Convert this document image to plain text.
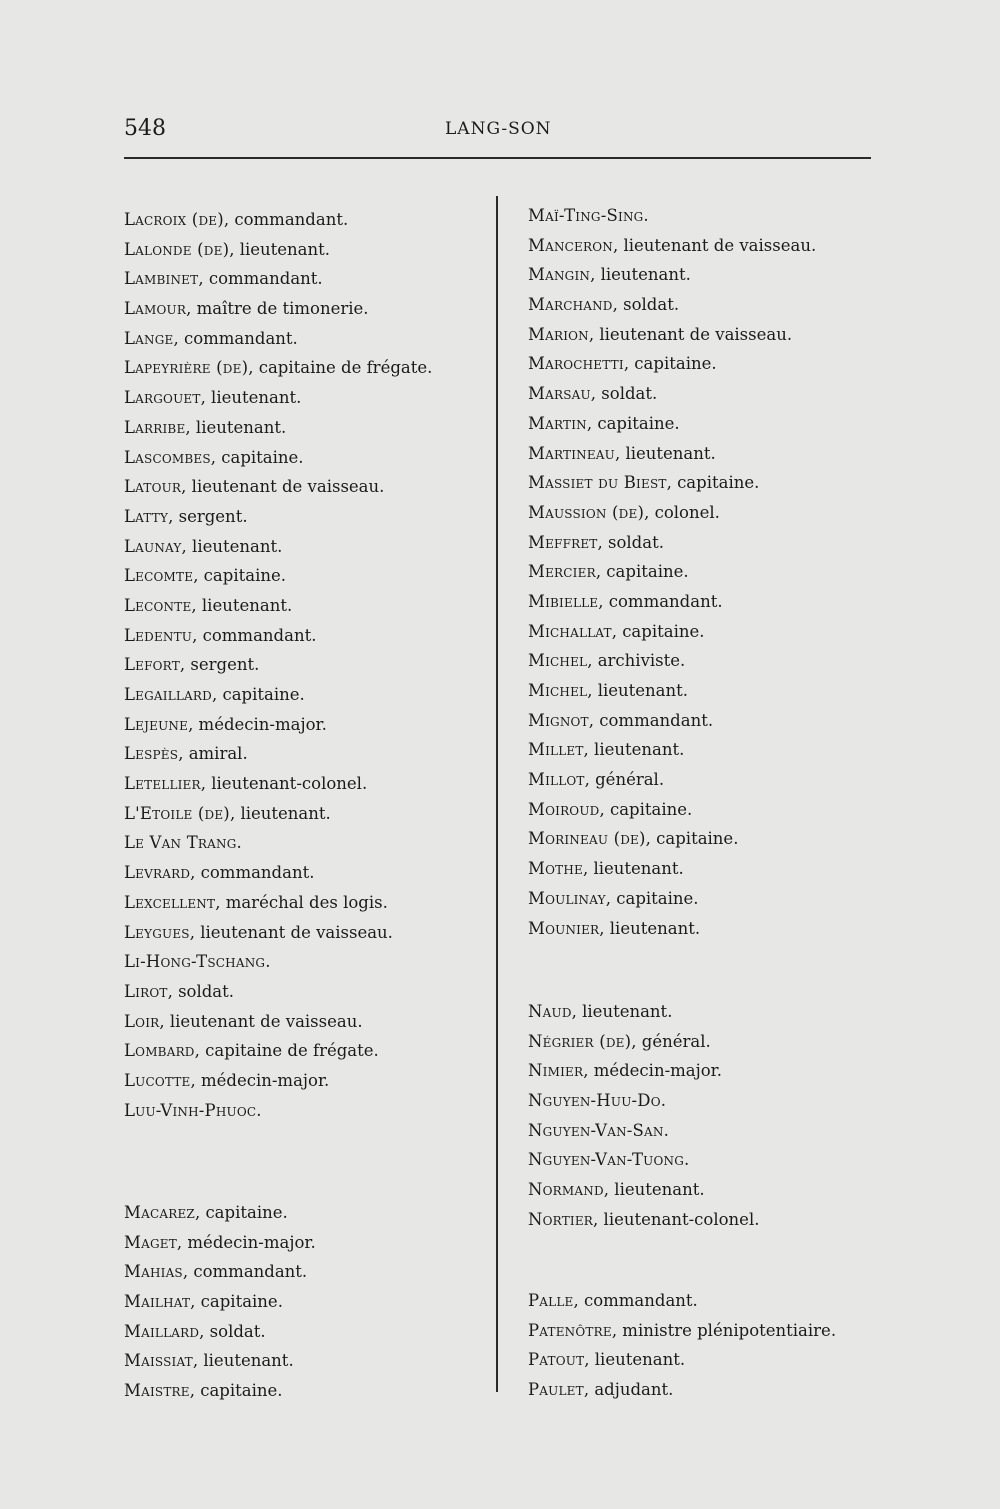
548	LANG-SON
Lacroix (de), commandant.
Lalonde (de), lieutenant.
Lambinet, commandant.
Lamour, maître de timonerie.
Lange, commandant.
Lapeyrière (de), capitaine de frégate.
Largouet, lieutenant.
Larribe, lieutenant.
Lascombes, capitaine.
Latour, lieutenant de vaisseau.
Latty, sergent.
Launay, lieutenant.
Lecomte, capitaine.
Leconte, lieutenant.
Ledentu, commandant.
Lefort, sergent.
Legaillard, capitaine.
Lejeune, médecin-major.
Lespès, amiral.
Letellier, lieutenant-colonel.
L'Etoile (de), lieutenant.
Le Van Trang.
Levrard, commandant.
Lexcellent, maréchal des logis.
Leygues, lieutenant de vaisseau.
Li-Hong-Tschang.
Lirot, soldat.
Loir, lieutenant de vaisseau.
Lombard, capitaine de frégate.
Lucotte, médecin-major.
Luu-Vinh-Phuoc.
Macarez, capitaine.
Maget, médecin-major.
Mahias, commandant.
Mailhat, capitaine.
Maillard, soldat.
Maissiat, lieutenant.
Maistre, capitaine.
Maï-Ting-Sing.
Manceron, lieutenant de vaisseau.
Mangin, lieutenant.
Marchand, soldat.
Marion, lieutenant de vaisseau.
Marochetti, capitaine.
Marsau, soldat.
Martin, capitaine.
Martineau, lieutenant.
Massiet du Biest, capitaine.
Maussion (de), colonel.
Meffret, soldat.
Mercier, capitaine.
Mibielle, commandant.
Michallat, capitaine.
Michel, archiviste.
Michel, lieutenant.
Mignot, commandant.
Millet, lieutenant.
Millot, général.
Moiroud, capitaine.
Morineau (de), capitaine.
Mothe, lieutenant.
Moulinay, capitaine.
Mounier, lieutenant.
Naud, lieutenant.
Négrier (de), général.
Nimier, médecin-major.
Nguyen-Huu-Do.
Nguyen-Van-San.
Nguyen-Van-Tuong.
Normand, lieutenant.
Nortier, lieutenant-colonel.
Palle, commandant.
Patenôtre, ministre plénipotentiaire.
Patout, lieutenant.
Paulet, adjudant.
